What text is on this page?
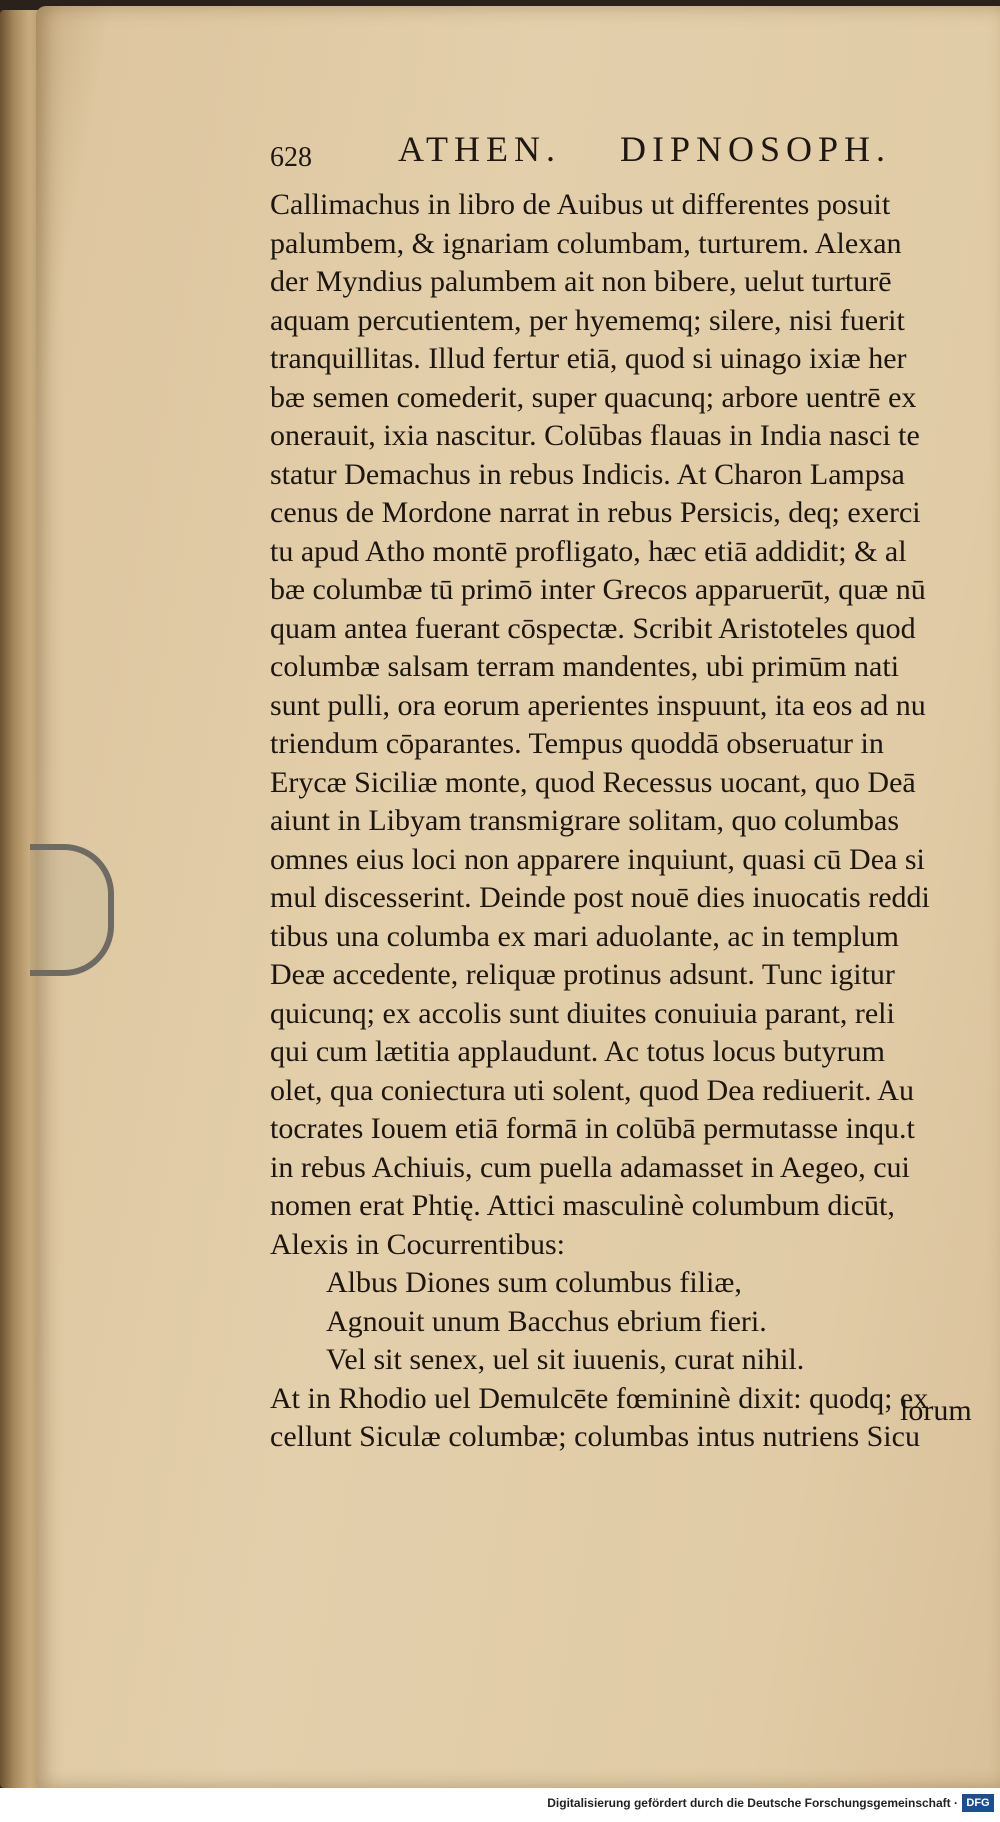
628 ATHEN. DIPNOSOPH.
Callimachus in libro de Auibus ut differentes posuit
palumbem, & ignariam columbam, turturem. Alexan
der Myndius palumbem ait non bibere, uelut turturē
aquam percutientem, per hyememq; silere, nisi fuerit
tranquillitas. Illud fertur etiā, quod si uinago ixiæ her
bæ semen comederit, super quacunq; arbore uentrē ex
onerauit, ixia nascitur. Colūbas flauas in India nasci te
statur Demachus in rebus Indicis. At Charon Lampsa
cenus de Mordone narrat in rebus Persicis, deq; exerci
tu apud Atho montē profligato, hæc etiā addidit; & al
bæ columbæ tū primō inter Grecos apparuerūt, quæ nū
quam antea fuerant cōspectæ. Scribit Aristoteles quod
columbæ salsam terram mandentes, ubi primūm nati
sunt pulli, ora eorum aperientes inspuunt, ita eos ad nu
triendum cōparantes. Tempus quoddā obseruatur in
Erycæ Siciliæ monte, quod Recessus uocant, quo Deā
aiunt in Libyam transmigrare solitam, quo columbas
omnes eius loci non apparere inquiunt, quasi cū Dea si
mul discesserint. Deinde post nouē dies inuocatis reddi
tibus una columba ex mari aduolante, ac in templum
Deæ accedente, reliquæ protinus adsunt. Tunc igitur
quicunq; ex accolis sunt diuites conuiuia parant, reli
qui cum lætitia applaudunt. Ac totus locus butyrum
olet, qua coniectura uti solent, quod Dea rediuerit. Au
tocrates Iouem etiā formā in colūbā permutasse inqu.t
in rebus Achiuis, cum puella adamasset in Aegeo, cui
nomen erat Phtię. Attici masculinè columbum dicūt,
Alexis in Cocurrentibus:
Albus Diones sum columbus filiæ,
Agnouit unum Bacchus ebrium fieri.
Vel sit senex, uel sit iuuenis, curat nihil.
At in Rhodio uel Demulcēte fœmininè dixit: quodq; ex
cellunt Siculæ columbæ; columbas intus nutriens Sicu
lorum
Digitalisierung gefördert durch die Deutsche Forschungsgemeinschaft · DFG
